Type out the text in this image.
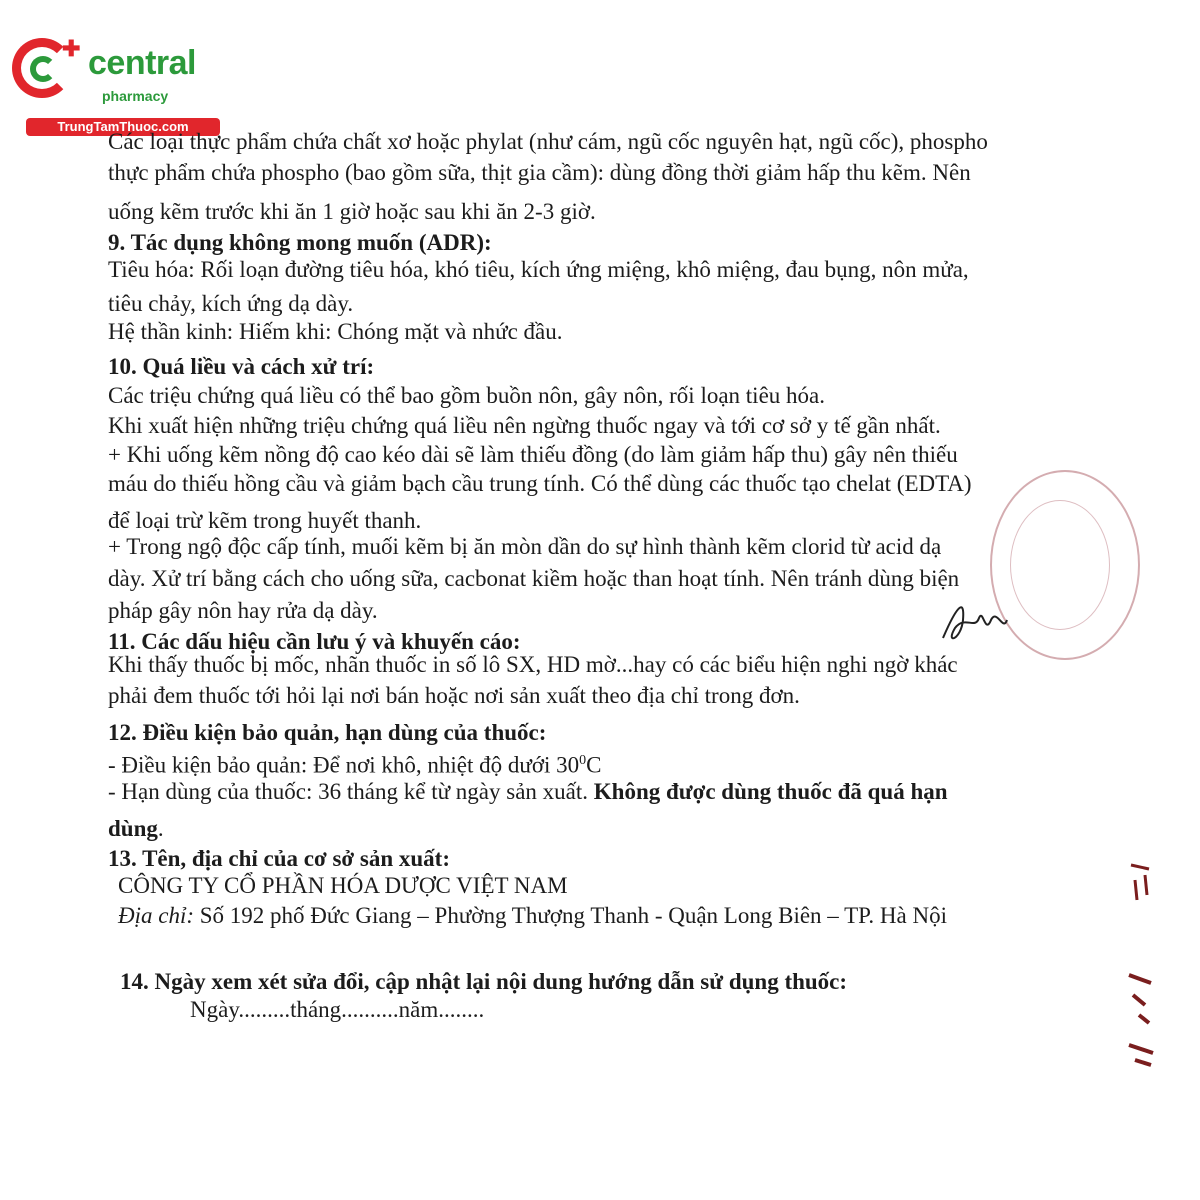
✚ central
pharmacy
TrungTamThuoc.com
Các loại thực phẩm chứa chất xơ hoặc phylat (như cám, ngũ cốc nguyên hạt, ngũ cốc), phospho
thực phẩm chứa phospho (bao gồm sữa, thịt gia cầm): dùng đồng thời giảm hấp thu kẽm. Nên
uống kẽm trước khi ăn 1 giờ hoặc sau khi ăn 2-3 giờ.
9. Tác dụng không mong muốn (ADR):
Tiêu hóa: Rối loạn đường tiêu hóa, khó tiêu, kích ứng miệng, khô miệng, đau bụng, nôn mửa,
tiêu chảy, kích ứng dạ dày.
Hệ thần kinh: Hiếm khi: Chóng mặt và nhức đầu.
10. Quá liều và cách xử trí:
Các triệu chứng quá liều có thể bao gồm buồn nôn, gây nôn, rối loạn tiêu hóa.
Khi xuất hiện những triệu chứng quá liều nên ngừng thuốc ngay và tới cơ sở y tế gần nhất.
+ Khi uống kẽm nồng độ cao kéo dài sẽ làm thiếu đồng (do làm giảm hấp thu) gây nên thiếu
máu do thiếu hồng cầu và giảm bạch cầu trung tính. Có thể dùng các thuốc tạo chelat (EDTA)
để loại trừ kẽm trong huyết thanh.
+ Trong ngộ độc cấp tính, muối kẽm bị ăn mòn dần do sự hình thành kẽm clorid từ acid dạ
dày. Xử trí bằng cách cho uống sữa, cacbonat kiềm hoặc than hoạt tính. Nên tránh dùng biện
pháp gây nôn hay rửa dạ dày.
11. Các dấu hiệu cần lưu ý và khuyến cáo:
Khi thấy thuốc bị mốc, nhãn thuốc in số lô SX, HD mờ...hay có các biểu hiện nghi ngờ khác
phải đem thuốc tới hỏi lại nơi bán hoặc nơi sản xuất theo địa chỉ trong đơn.
12. Điều kiện bảo quản, hạn dùng của thuốc:
- Điều kiện bảo quản: Để nơi khô, nhiệt độ dưới $30^0C$
- Hạn dùng của thuốc: 36 tháng kể từ ngày sản xuất. Không được dùng thuốc đã quá hạn
dùng.
13. Tên, địa chỉ của cơ sở sản xuất:
CÔNG TY CỔ PHẦN HÓA DƯỢC VIỆT NAM
Địa chỉ: Số 192 phố Đức Giang – Phường Thượng Thanh - Quận Long Biên – TP. Hà Nội
14. Ngày xem xét sửa đổi, cập nhật lại nội dung hướng dẫn sử dụng thuốc:
Ngày.........tháng..........năm........
